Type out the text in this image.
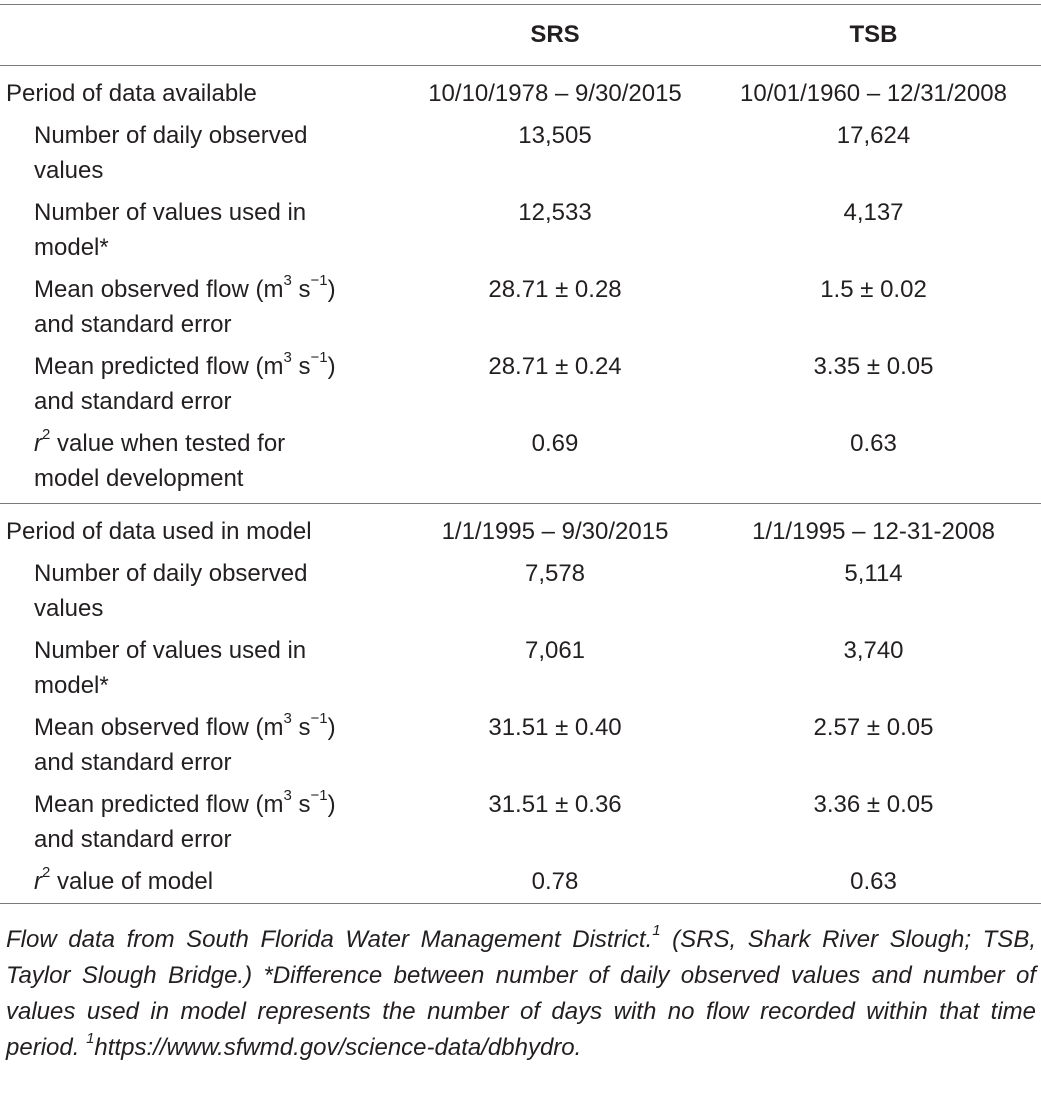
	SRS	TSB
Period of data available	10/10/1978 – 9/30/2015	10/01/1960 – 12/31/2008
Number of daily observed
values	13,505	17,624
Number of values used in
model*	12,533	4,137
Mean observed flow ($m^3$ $s^{-1}$)
and standard error	28.71 ± 0.28	1.5 ± 0.02
Mean predicted flow ($m^3$ $s^{-1}$)
and standard error	28.71 ± 0.24	3.35 ± 0.05
$r^2$ value when tested for
model development	0.69	0.63
Period of data used in model	1/1/1995 – 9/30/2015	1/1/1995 – 12-31-2008
Number of daily observed
values	7,578	5,114
Number of values used in
model*	7,061	3,740
Mean observed flow ($m^3$ $s^{-1}$)
and standard error	31.51 ± 0.40	2.57 ± 0.05
Mean predicted flow ($m^3$ $s^{-1}$)
and standard error	31.51 ± 0.36	3.36 ± 0.05
$r^2$ value of model	0.78	0.63
Flow data from South Florida Water Management District.$^1$ (SRS, Shark River Slough; TSB, Taylor Slough Bridge.) *Difference between number of daily observed values and number of values used in model represents the number of days with no flow recorded within that time period. $^1$https://www.sfwmd.gov/science-data/dbhydro.
